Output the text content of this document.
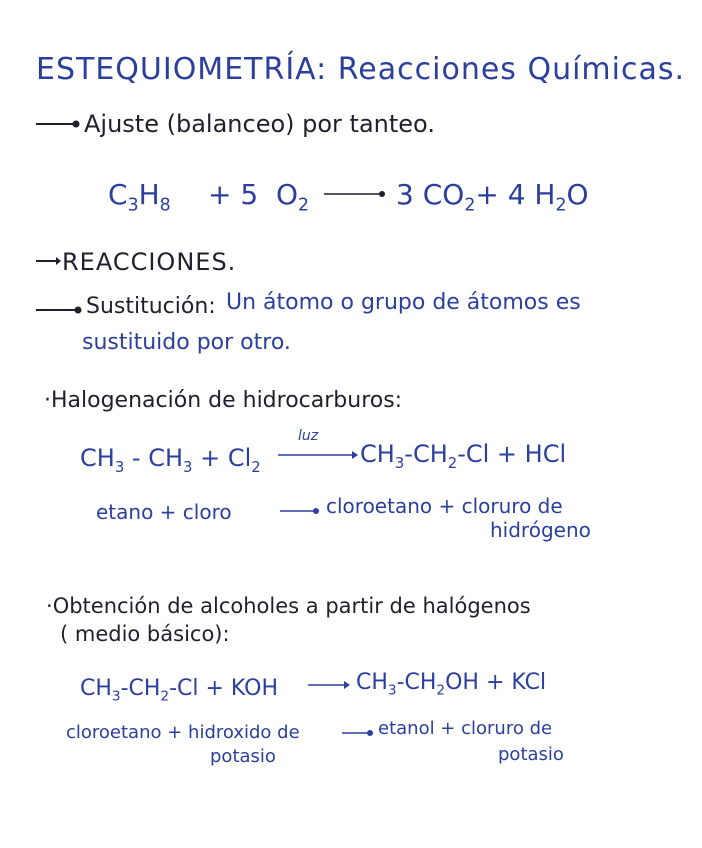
ESTEQUIOMETRÍA: Reacciones Químicas.
Ajuste (balanceo) por tanteo.
$C_3H_8 + 5$ $O_2$	3 $CO_2+ 4$ $H_2O$
REACCIONES.
Sustitución: Un átomo o grupo de átomos es
sustituido por otro.
·Halogenación de hidrocarburos:
$CH_3 - CH_3 + Cl_2$
luz
$CH_3-CH_2-Cl$ + HCl
etano + cloro	→ cloroetano + cloruro de
hidrógeno
·Obtención de alcoholes a partir de halógenos
( medio básico):
$CH_3-CH_2-Cl$ + KOH → $CH_3-CH_2OH$ + KCl
cloroetano + hidroxido de
potasio
→ etanol + cloruro de
potasio
